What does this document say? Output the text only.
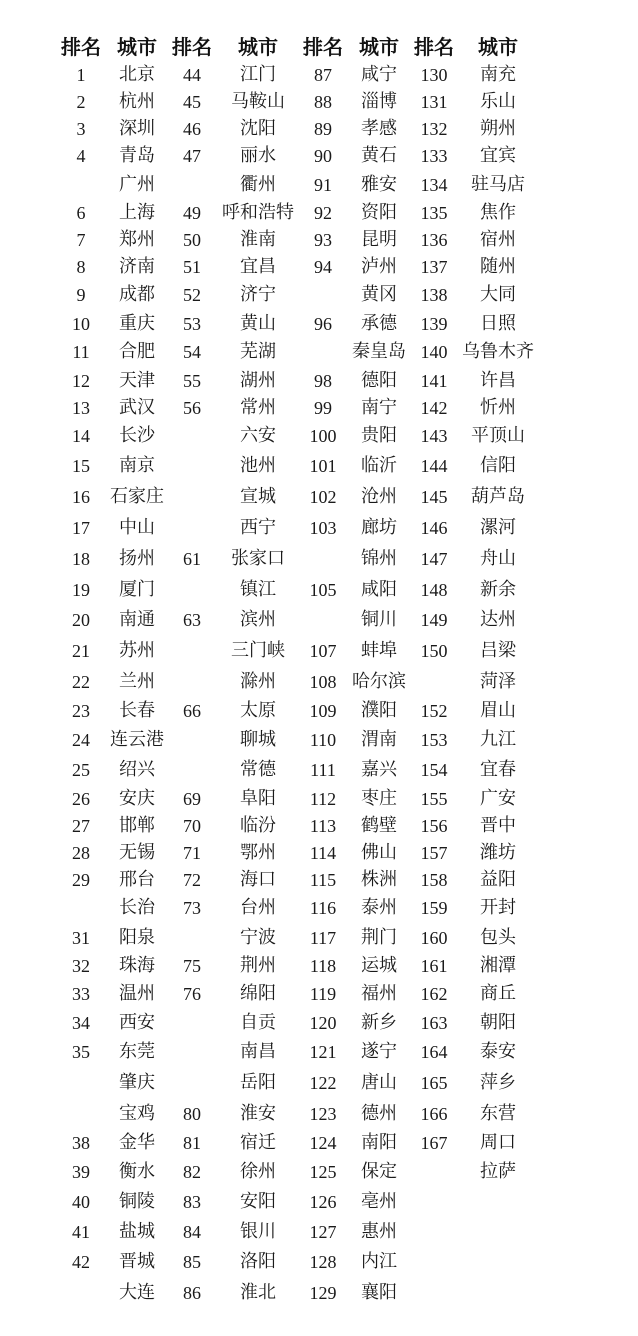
排名 城市 排名 城市 排名 城市 排名 城市
1 北京
2 杭州
3 深圳
4 青岛
广州
6 上海
7 郑州
8 济南
9 成都
10 重庆
11 合肥
12 天津
13 武汉
14 长沙
15 南京
16 石家庄
17 中山
18 扬州
19 厦门
20 南通
21 苏州
22 兰州
23 长春
24 连云港
25 绍兴
26 安庆
27 邯郸
28 无锡
29 邢台
长治
31 阳泉
32 珠海
33 温州
34 西安
35 东莞
肇庆
宝鸡
38 金华
39 衡水
40 铜陵
41 盐城
42 晋城
大连
44 江门
45 马鞍山
46 沈阳
47 丽水
衢州
49 呼和浩特
50 淮南
51 宜昌
52 济宁
53 黄山
54 芜湖
55 湖州
56 常州
六安
池州
宣城
西宁
61 张家口
镇江
63 滨州
三门峡
滁州
66 太原
聊城
常德
69 阜阳
70 临汾
71 鄂州
72 海口
73 台州
宁波
75 荆州
76 绵阳
自贡
南昌
岳阳
80 淮安
81 宿迁
82 徐州
83 安阳
84 银川
85 洛阳
86 淮北
87 咸宁
88 淄博
89 孝感
90 黄石
91 雅安
92 资阳
93 昆明
94 泸州
黄冈
96 承德
秦皇岛
98 德阳
99 南宁
100 贵阳
101 临沂
102 沧州
103 廊坊
锦州
105 咸阳
铜川
107 蚌埠
108 哈尔滨
109 濮阳
110 渭南
111 嘉兴
112 枣庄
113 鹤壁
114 佛山
115 株洲
116 泰州
117 荆门
118 运城
119 福州
120 新乡
121 遂宁
122 唐山
123 德州
124 南阳
125 保定
126 亳州
127 惠州
128 内江
129 襄阳
130 南充
131 乐山
132 朔州
133 宜宾
134 驻马店
135 焦作
136 宿州
137 随州
138 大同
139 日照
140 乌鲁木齐
141 许昌
142 忻州
143 平顶山
144 信阳
145 葫芦岛
146 漯河
147 舟山
148 新余
149 达州
150 吕梁
菏泽
152 眉山
153 九江
154 宜春
155 广安
156 晋中
157 潍坊
158 益阳
159 开封
160 包头
161 湘潭
162 商丘
163 朝阳
164 泰安
165 萍乡
166 东营
167 周口
拉萨
